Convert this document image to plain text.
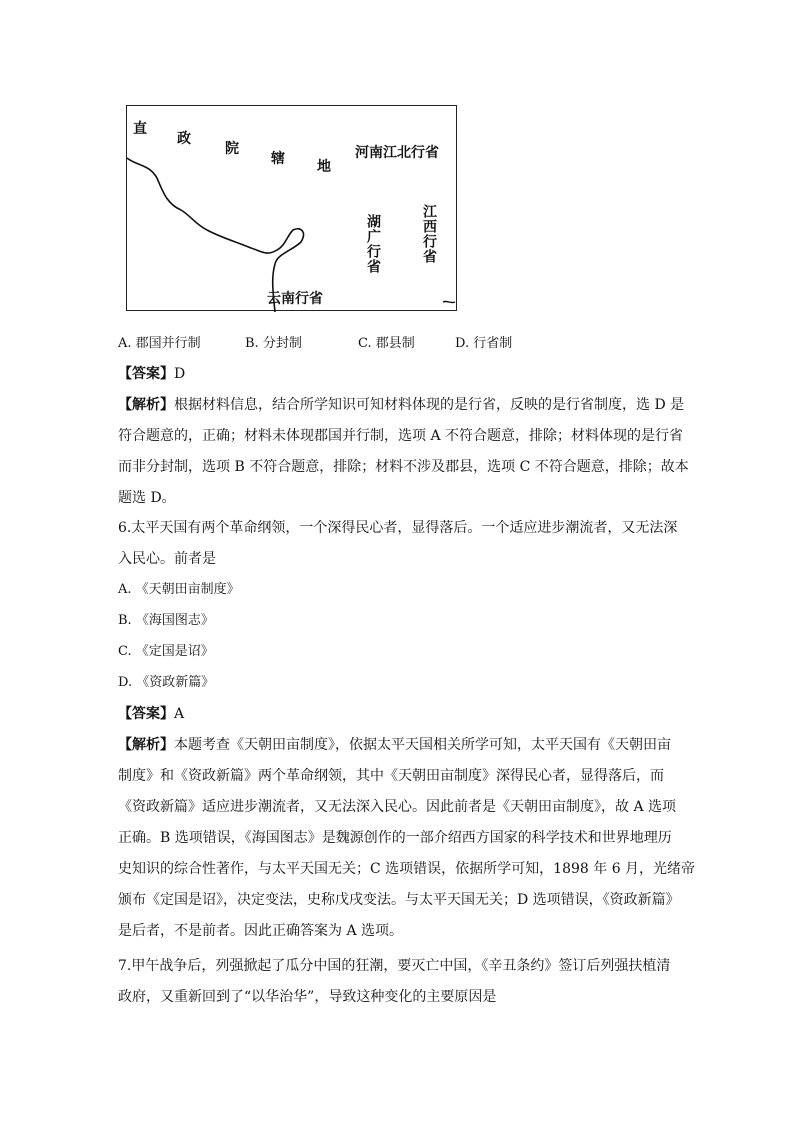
直
政
院
辖 地
河南江北行省
湖广行省	江西行省
云南行省
A. 郡国并行制	B. 分封制	C. 郡县制	D. 行省制
【答案】D
【解析】根据材料信息，结合所学知识可知材料体现的是行省，反映的是行省制度，选 D 是
符合题意的，正确；材料未体现郡国并行制，选项 A 不符合题意，排除；材料体现的是行省
而非分封制，选项 B 不符合题意，排除；材料不涉及郡县，选项 C 不符合题意，排除；故本
题选 D。
6.太平天国有两个革命纲领，一个深得民心者，显得落后。一个适应进步潮流者，又无法深
入民心。前者是
A. 《天朝田亩制度》
B. 《海国图志》
C. 《定国是诏》
D. 《资政新篇》
【答案】A
【解析】本题考查《天朝田亩制度》，依据太平天国相关所学可知，太平天国有《天朝田亩
制度》和《资政新篇》两个革命纲领，其中《天朝田亩制度》深得民心者，显得落后，而
《资政新篇》适应进步潮流者，又无法深入民心。因此前者是《天朝田亩制度》，故 A 选项
正确。B 选项错误，《海国图志》是魏源创作的一部介绍西方国家的科学技术和世界地理历
史知识的综合性著作，与太平天国无关；C 选项错误，依据所学可知，1898 年 6 月，光绪帝
颁布《定国是诏》，决定变法，史称戊戌变法。与太平天国无关；D 选项错误，《资政新篇》
是后者，不是前者。因此正确答案为 A 选项。
7.甲午战争后，列强掀起了瓜分中国的狂潮，要灭亡中国，《辛丑条约》签订后列强扶植清
政府，又重新回到了“以华治华”，导致这种变化的主要原因是
